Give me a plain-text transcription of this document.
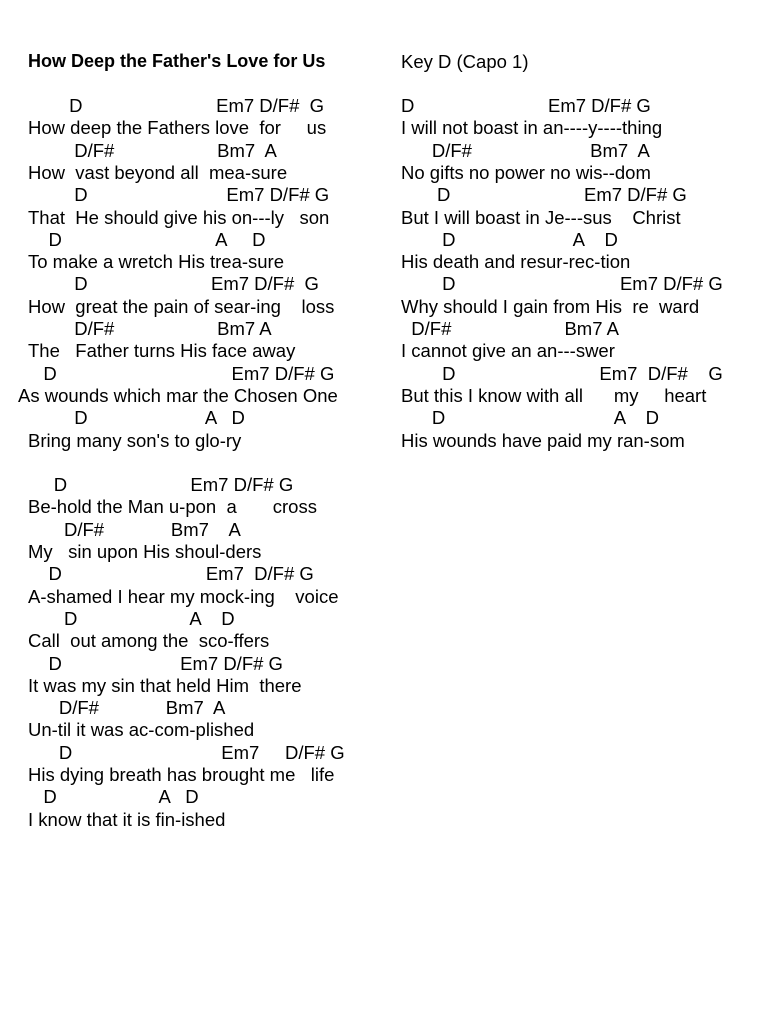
How Deep the Father's Love for Us	Key D (Capo 1)
D                          Em7 D/F#  G
How deep the Fathers love  for     us
D/F#                    Bm7  A
How  vast beyond all  mea-sure
D                           Em7 D/F# G
That  He should give his on---ly   son
D                              A     D
To make a wretch His trea-sure
D                        Em7 D/F#  G
How  great the pain of sear-ing    loss
D/F#                    Bm7 A
The   Father turns His face away
D                                  Em7 D/F# G
As wounds which mar the Chosen One
D                       A   D
Bring many son's to glo-ry
D                        Em7 D/F# G
Be-hold the Man u-pon  a       cross
D/F#             Bm7    A
My   sin upon His shoul-ders
D                            Em7  D/F# G
A-shamed I hear my mock-ing    voice
D                      A    D
Call  out among the  sco-ffers
D                       Em7 D/F# G
It was my sin that held Him  there
D/F#             Bm7  A
Un-til it was ac-com-plished
D                             Em7     D/F# G
His dying breath has brought me   life
D                    A   D
I know that it is fin-ished
D                          Em7 D/F# G
I will not boast in an----y----thing
D/F#                       Bm7  A
No gifts no power no wis--dom
D                          Em7 D/F# G
But I will boast in Je---sus    Christ
D                       A    D
His death and resur-rec-tion
D                                Em7 D/F# G
Why should I gain from His  re  ward
D/F#                      Bm7 A
I cannot give an an---swer
D                            Em7  D/F#    G
But this I know with all      my     heart
D                                 A    D
His wounds have paid my ran-som
